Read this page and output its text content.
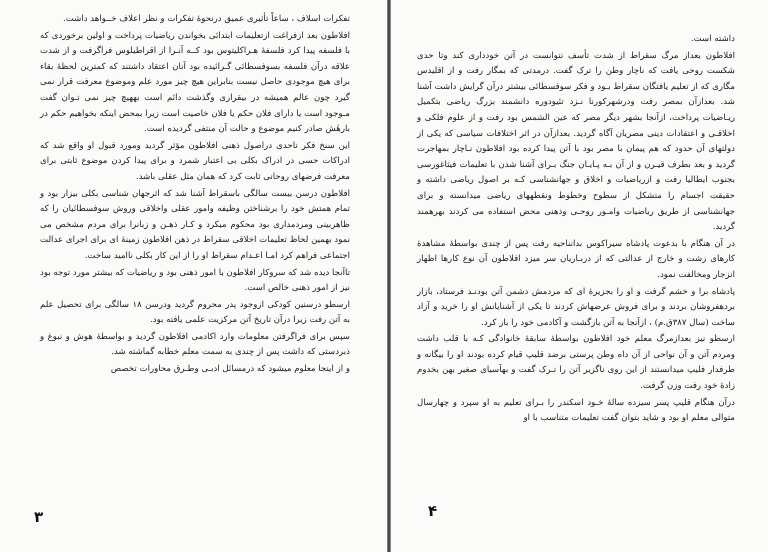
تفکرات اسلاف ، ساعاً تأثیری عمیق درنحوهٔ تفکرات و نظر اعلاف خــواهد داشت.

افلاطون بعد ازفراغت ازتعلیمات ابتدائی بخواندن ریاضیات پرداخت و اولین برخوردی که با فلسفه پیدا کرد فلسفهٔ هـراکلیتوس بود کــه آنـرا از اقراطیلوس فراگرفت و از شدت علاقه درآن فلسفه بسوفسطائی گـرائیده بود آنان اعتقاد داشتند که کمترین لحظهٔ بقاء برای هیچ موجودی حاصل نیست بنابراین هیچ چیز مورد علم وموضوع معرفت قرار نمی گیرد چون عالم همیشه در بیقراری وگذشت دائم است بههیچ چیز نمی تـوان گفت مـوجود است یا دارای فلان حکم یا فلان خاصیت است زیرا بمحض اینکه بخواهیم حکم در بارهٔش صادر کنیم موضوع و حالت آن منتفی گردیده است.

این سنخ فکر تاحدی دراصول ذهنی افلاطون مؤثر گردید ومورد قبول او واقع شد که ادراکات حسی در ادراک بکلی بی اعتبار شمرد و برای پیدا کردن موضوع ثابتی برای معرفت فرضهای روحانی ثابت کرد که همان مثل عقلی باشد.

افلاطون درسن بیست سالگی باسقراط آشنا شد که اثرجهان شناسی بکلی بیزار بود و تمام همتش خود را برشناختن وظیفه وامور عقلی واخلاقی وروش سوفسطائیان را که ظاهربینی ومردمداری بود محکوم میکرد و کـار ذهـن و زبانرا برای مردم مشخص می نمود بهمین لحاظ تعلیمات اخلاقی سقراط در ذهن افلاطون زمینهٔ ای برای اجرای عدالت اجتماعی فراهم کرد امـا اعـدام سقراط او را از این کار بکلی ناامید ساخت.

تاآنجا دیده شد که سروکار افلاطون با امور ذهنی بود و ریاضیات که بیشتر مورد توجه بود نیز از امور ذهنی خالص است.

ارسطو درسنین کودکی ازوجود پدر محروم گردید ودرسن ۱۸ سالگی برای تحصیل علم به آتن رفت زیرا درآن تاریخ آتن مرکزیت علمی یافته بود.

سپس برای فراگرفتن معلومات وارد اکادمی افلاطون گردید و بواسطهٔ هوش و نبوغ و ذبردستی که داشت پس از چندی به سمت معلم خطابه گماشته شد.

و از اینجا معلوم میشود که درمسائل ادبـی وطـرق محاورات تخصص

۳

داشته است.

افلاطون بعداز مرگ سقراط از شدت تأسف نتوانست در آتن خودداری کند وتا حدی شکست روحی یافت که ناچار وطن را ترک گفت. درمدتی که بمگار رفت و از اقلیدس مگاری که از تعلیم یافتگان سقراط بـود و فکر سوفسطائی بیشتر درآن گرایش داشت آشنا شد. بعدازآن بمصر رفت ودرشهرکورنا نـزد تئیودوره دانشمند بزرگ ریاضی بتکمیل ریـاضیات پرداخت، ازآنجا بشهر دیگر مصر که عین الشمس بود رفت و از علوم فلکی و اخلاقـی و اعتقادات دینی مصریان آگاه گردید. بعدازآن در اثر اختلافات سیاسی که یکی از دولتهای آن حدود که هم پیمان با مصر بود با آتن پیدا کرده بود افلاطون نـاچار بمهاجرت گردید و بعد بطرف قیـرن و از آن بـه پـایـان جنگ بـرای آشنا شدن با تعلیمات فیثاغورسی بجنوب ایطالیا رفت و ازریاضیات و اخلاق و جهانشناسی کـه بر اصول ریاضی داشته و حقیقت اجسام را متشکل از سطوح وخطوط ونقطههای ریاضی میدانسته و برای جهانشناسی از طریق ریاضیات وامـور روحـی وذهنی محض استفاده می کردند بهرهمند گردید.

در آن هنگام با بدعوت پادشاه سیراکوس بدانناحیه رفت پس از چندی بواسطهٔ مشاهدهٔ کارهای زشت و خارج از عدالتی که از دربـاریان سر میزد افلاطون آن نوع کارها اظهار انزجار ومخالفت نمود.

پادشاه برا و خشم گرفت و او را بجزیرهٔ ای که مردمش دشمن آتن بودنـد فرستاد، بازار بردهفروشان بردند و برای فروش عرضهاش کردند تا یکی از آشنایانش او را خرید و آزاد ساخت (سال ۳۸۷ق.م) ، ازآنجا به آتن بازگشت و آکادمی خود را باز کرد.

ارسطو نیز بعدازمرگ معلم خود افلاطون بواسطهٔ سابقهٔ خانوادگی کـه با قلب داشت ومردم آتن و آن نواحی از آن داه وطن پرستی برضد قلیپ قیام کرده بودند او را بیگانه و طرفدار فلیپ میدانستند از این روی ناگزیر آتن را تـرک گفت و بهآسیای صغیر بهن بخدوم زادهٔ خود رفت وزن گرفت.

درآن هنگام قلیپ پسر سیزده سالهٔ خـود اسکندر را بـرای تعلیم به او سپرد و چهارسال متوالی معلم او بود و شاید بتوان گفت تعلیمات متناسب با او

۴
